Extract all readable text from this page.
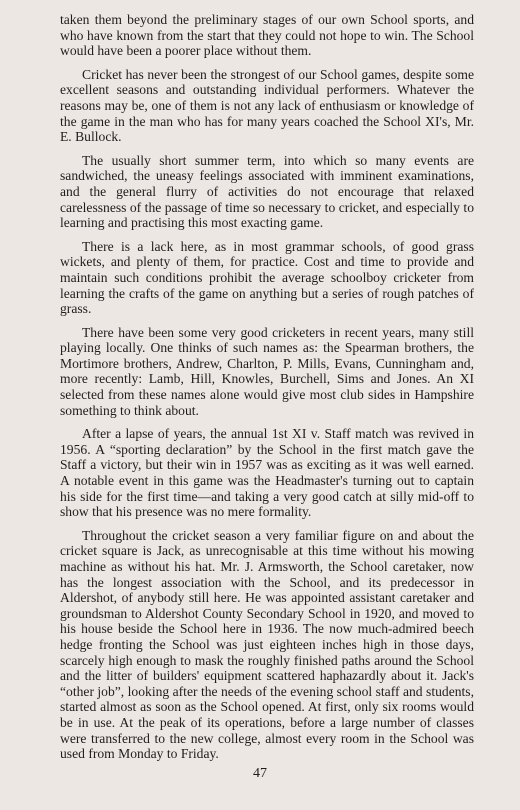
taken them beyond the preliminary stages of our own School sports, and who have known from the start that they could not hope to win. The School would have been a poorer place without them.

Cricket has never been the strongest of our School games, despite some excellent seasons and outstanding individual performers. Whatever the reasons may be, one of them is not any lack of enthusiasm or knowledge of the game in the man who has for many years coached the School XI's, Mr. E. Bullock.

The usually short summer term, into which so many events are sandwiched, the uneasy feelings associated with imminent examinations, and the general flurry of activities do not encourage that relaxed carelessness of the passage of time so necessary to cricket, and especially to learning and practising this most exacting game.

There is a lack here, as in most grammar schools, of good grass wickets, and plenty of them, for practice. Cost and time to provide and maintain such conditions prohibit the average schoolboy cricketer from learning the crafts of the game on anything but a series of rough patches of grass.

There have been some very good cricketers in recent years, many still playing locally. One thinks of such names as: the Spearman brothers, the Mortimore brothers, Andrew, Charlton, P. Mills, Evans, Cunningham and, more recently: Lamb, Hill, Knowles, Burchell, Sims and Jones. An XI selected from these names alone would give most club sides in Hampshire something to think about.

After a lapse of years, the annual 1st XI v. Staff match was revived in 1956. A “sporting declaration” by the School in the first match gave the Staff a victory, but their win in 1957 was as exciting as it was well earned. A notable event in this game was the Headmaster's turning out to captain his side for the first time—and taking a very good catch at silly mid-off to show that his presence was no mere formality.

Throughout the cricket season a very familiar figure on and about the cricket square is Jack, as unrecognisable at this time without his mowing machine as without his hat. Mr. J. Armsworth, the School caretaker, now has the longest association with the School, and its predecessor in Aldershot, of anybody still here. He was appointed assistant caretaker and groundsman to Aldershot County Secondary School in 1920, and moved to his house beside the School here in 1936. The now much-admired beech hedge fronting the School was just eighteen inches high in those days, scarcely high enough to mask the roughly finished paths around the School and the litter of builders' equipment scattered haphazardly about it. Jack's “other job”, looking after the needs of the evening school staff and students, started almost as soon as the School opened. At first, only six rooms would be in use. At the peak of its operations, before a large number of classes were transferred to the new college, almost every room in the School was used from Monday to Friday.

47
